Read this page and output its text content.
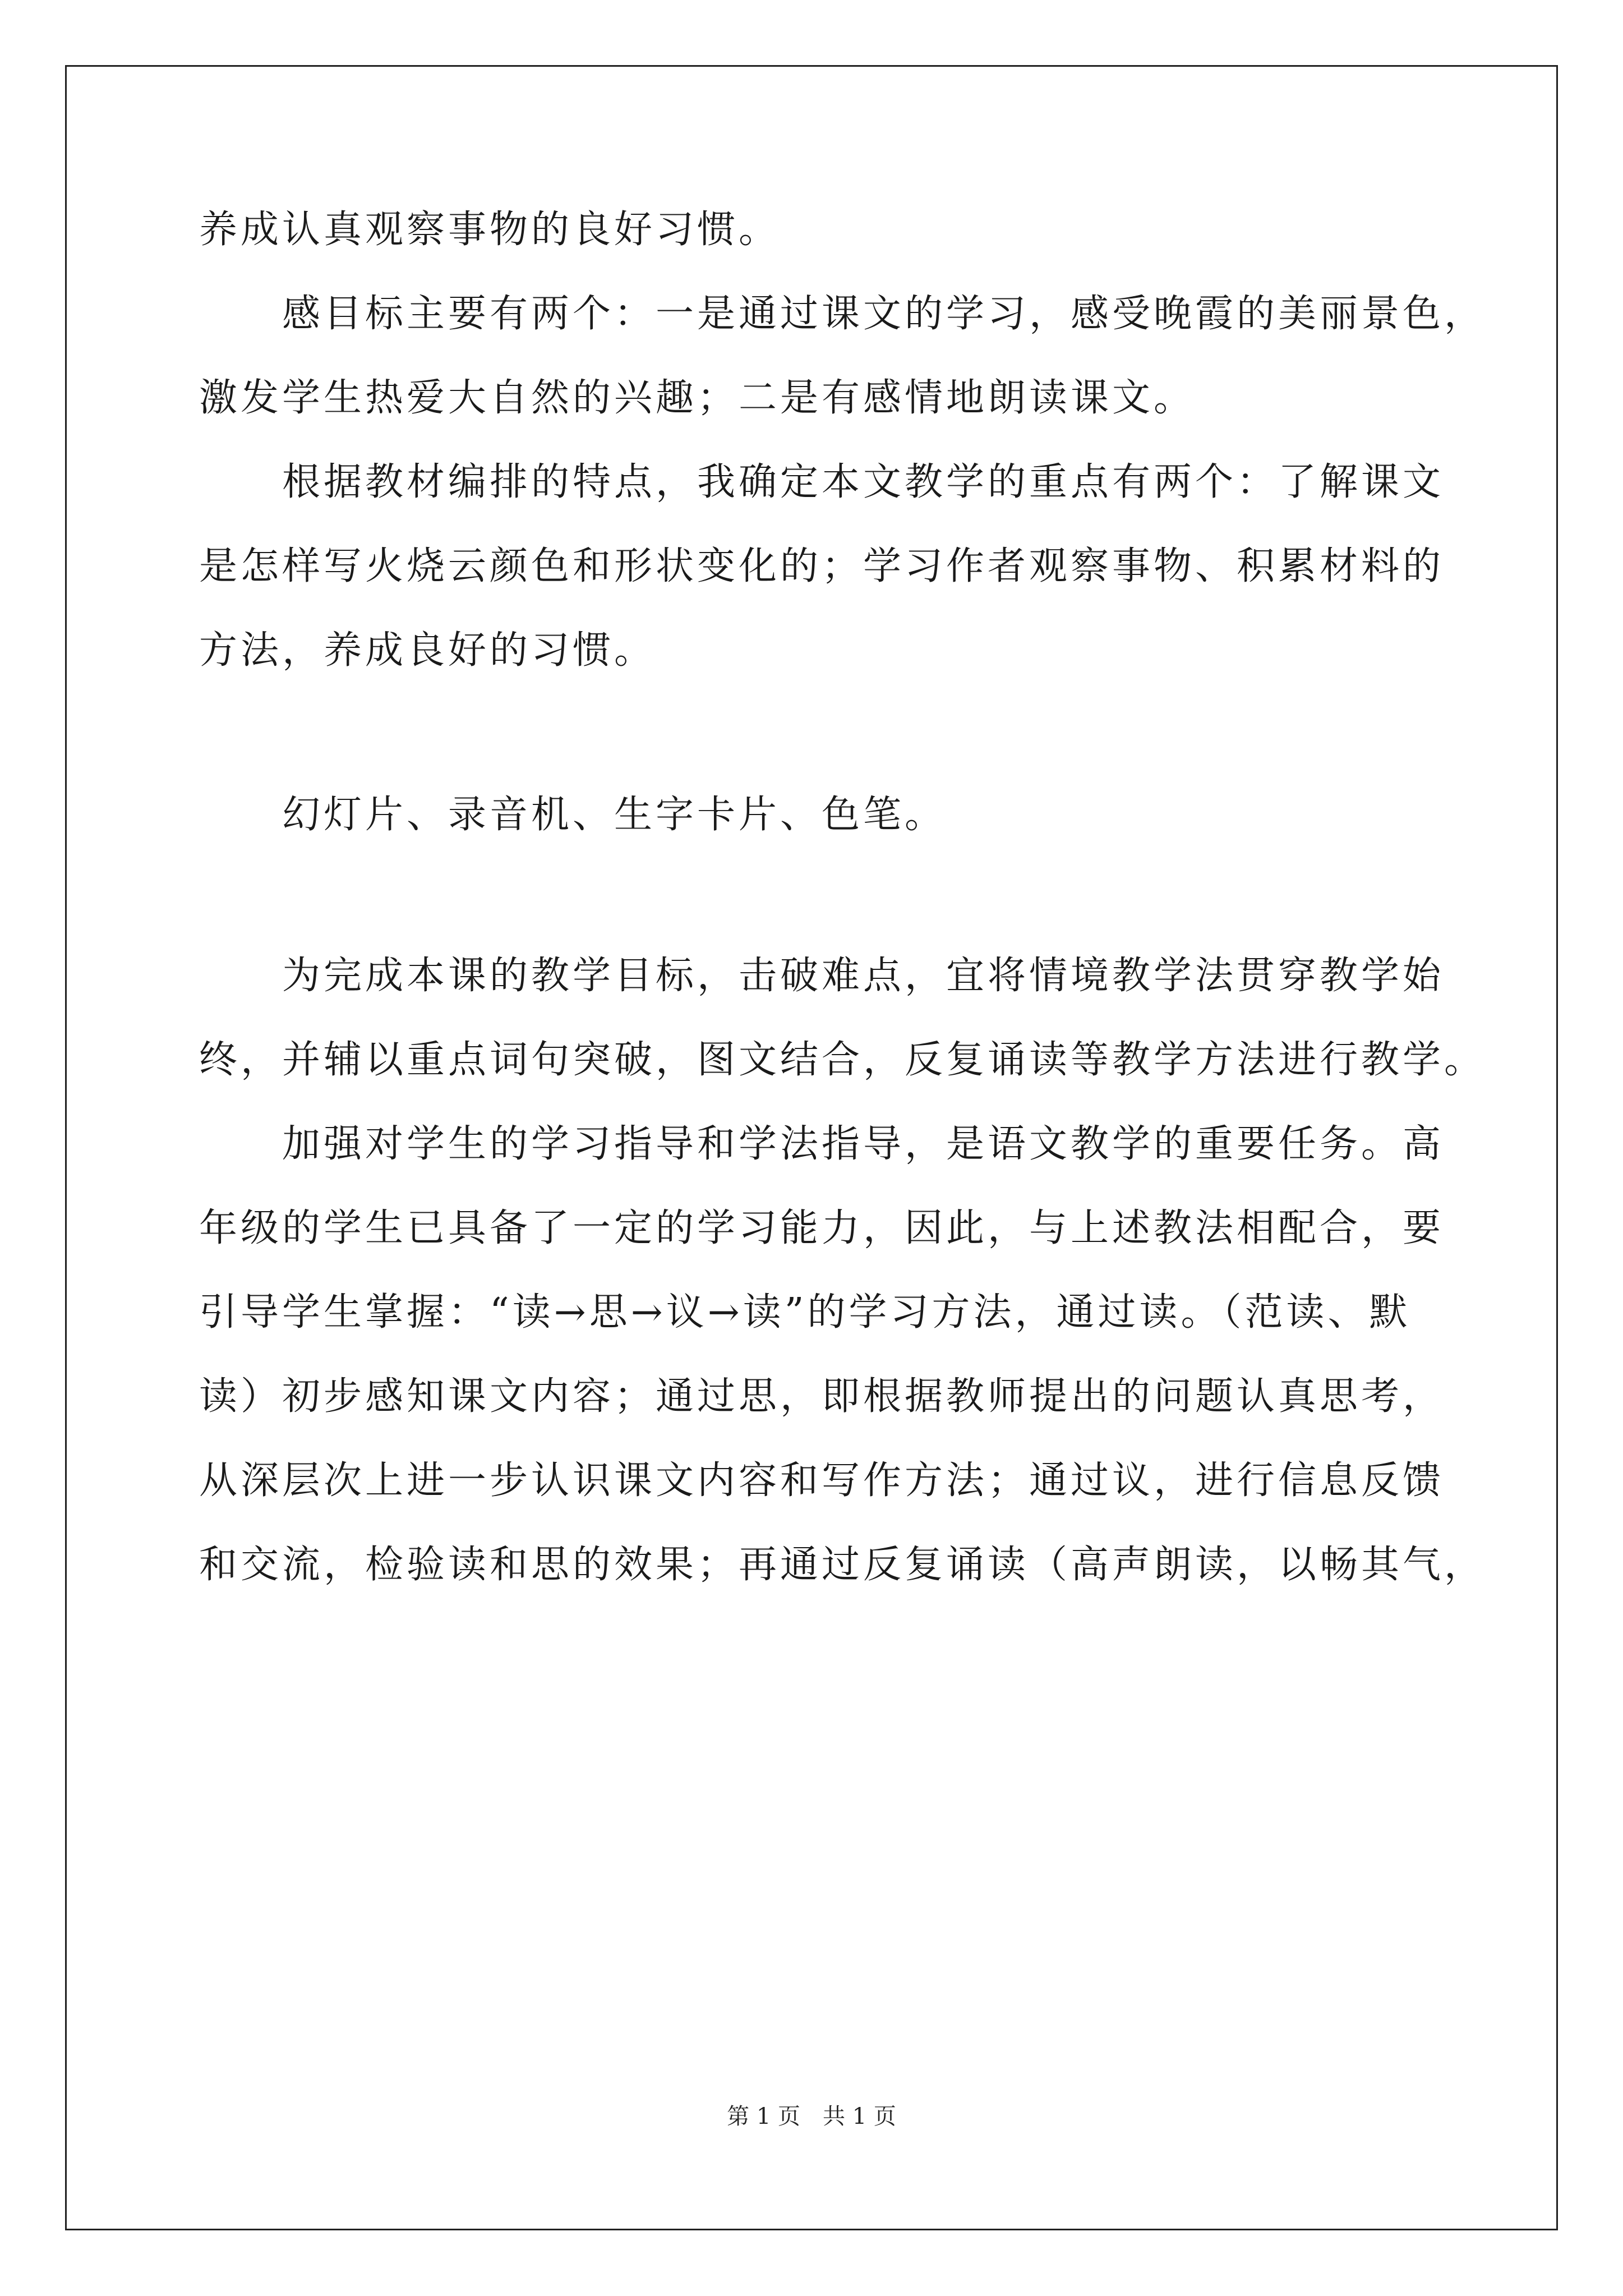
养成认真观察事物的良好习惯。
感目标主要有两个：一是通过课文的学习，感受晚霞的美丽景色，
激发学生热爱大自然的兴趣；二是有感情地朗读课文。
根据教材编排的特点，我确定本文教学的重点有两个：了解课文
是怎样写火烧云颜色和形状变化的；学习作者观察事物、积累材料的
方法，养成良好的习惯。
幻灯片、录音机、生字卡片、色笔。
为完成本课的教学目标，击破难点，宜将情境教学法贯穿教学始
终，并辅以重点词句突破，图文结合，反复诵读等教学方法进行教学。
加强对学生的学习指导和学法指导，是语文教学的重要任务。高
年级的学生已具备了一定的学习能力，因此，与上述教法相配合，要
引导学生掌握：“读→思→议→读”的学习方法，通过读。（范读、默
读）初步感知课文内容；通过思，即根据教师提出的问题认真思考，
从深层次上进一步认识课文内容和写作方法；通过议，进行信息反馈
和交流，检验读和思的效果；再通过反复诵读（高声朗读，以畅其气，
第 1 页　共 1 页
